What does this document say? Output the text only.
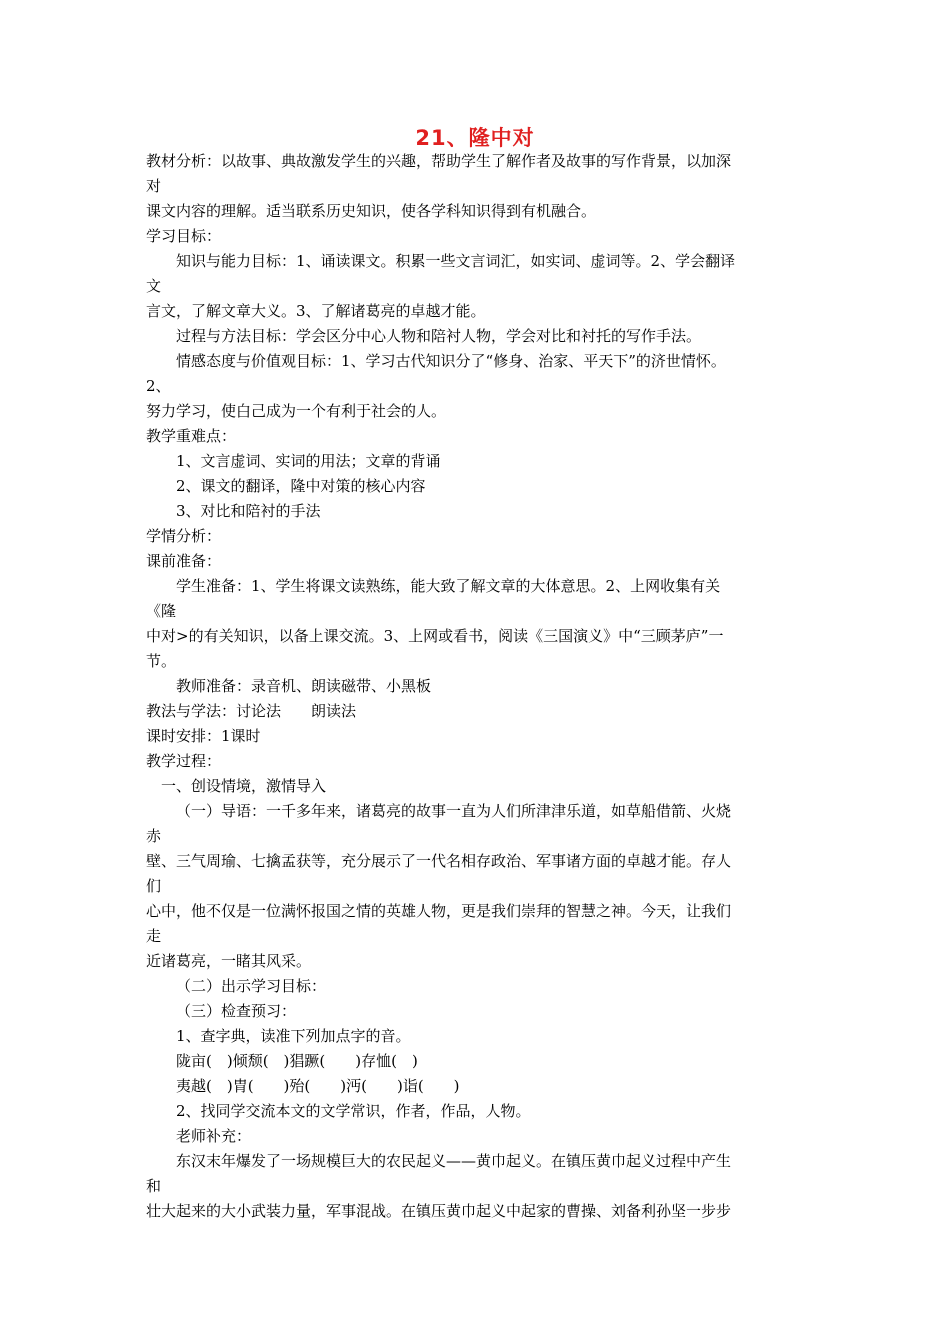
21、隆中对
教材分析：以故事、典故激发学生的兴趣，帮助学生了解作者及故事的写作背景，以加深
对
课文内容的理解。适当联系历史知识，使各学科知识得到有机融合。
学习目标：
知识与能力目标：1、诵读课文。积累一些文言词汇，如实词、虚词等。2、学会翻译
文
言文，了解文章大义。3、了解诸葛亮的卓越才能。
过程与方法目标：学会区分中心人物和陪衬人物，学会对比和衬托的写作手法。
情感态度与价值观目标：1、学习古代知识分了“修身、治家、平天下”的济世情怀。
2、
努力学习，使白己成为一个有利于社会的人。
教学重难点：
1、文言虚词、实词的用法；文章的背诵
2、课文的翻译，隆中对策的核心内容
3、对比和陪衬的手法
学情分析：
课前准备：
学生准备：1、学生将课文读熟练，能大致了解文章的大体意思。2、上网收集有关
《隆
中对>的有关知识，以备上课交流。3、上网或看书，阅读《三国演义》中“三顾茅庐”一
节。
教师准备：录音机、朗读磁带、小黑板
教法与学法：讨论法　　朗读法
课时安排：1课时
教学过程：
一、创设情境，激情导入
（一）导语：一千多年来，诸葛亮的故事一直为人们所津津乐道，如草船借箭、火烧
赤
壁、三气周瑜、七擒孟获等，充分展示了一代名相存政治、军事诸方面的卓越才能。存人
们
心中，他不仅是一位满怀报国之情的英雄人物，更是我们崇拜的智慧之神。今天，让我们
走
近诸葛亮，一睹其风采。
（二）出示学习目标：
（三）检查预习：
1、查字典，读准下列加点字的音。
陇亩(　)倾颓(　)猖蹶(　　)存恤(　)
夷越(　)胄(　　)殆(　　)沔(　　)诣(　　)
2、找同学交流本文的文学常识，作者，作品，人物。
老师补充：
东汉末年爆发了一场规模巨大的农民起义——黄巾起义。在镇压黄巾起义过程中产生
和
壮大起来的大小武装力量，军事混战。在镇压黄巾起义中起家的曹操、刘备利孙坚一步步
